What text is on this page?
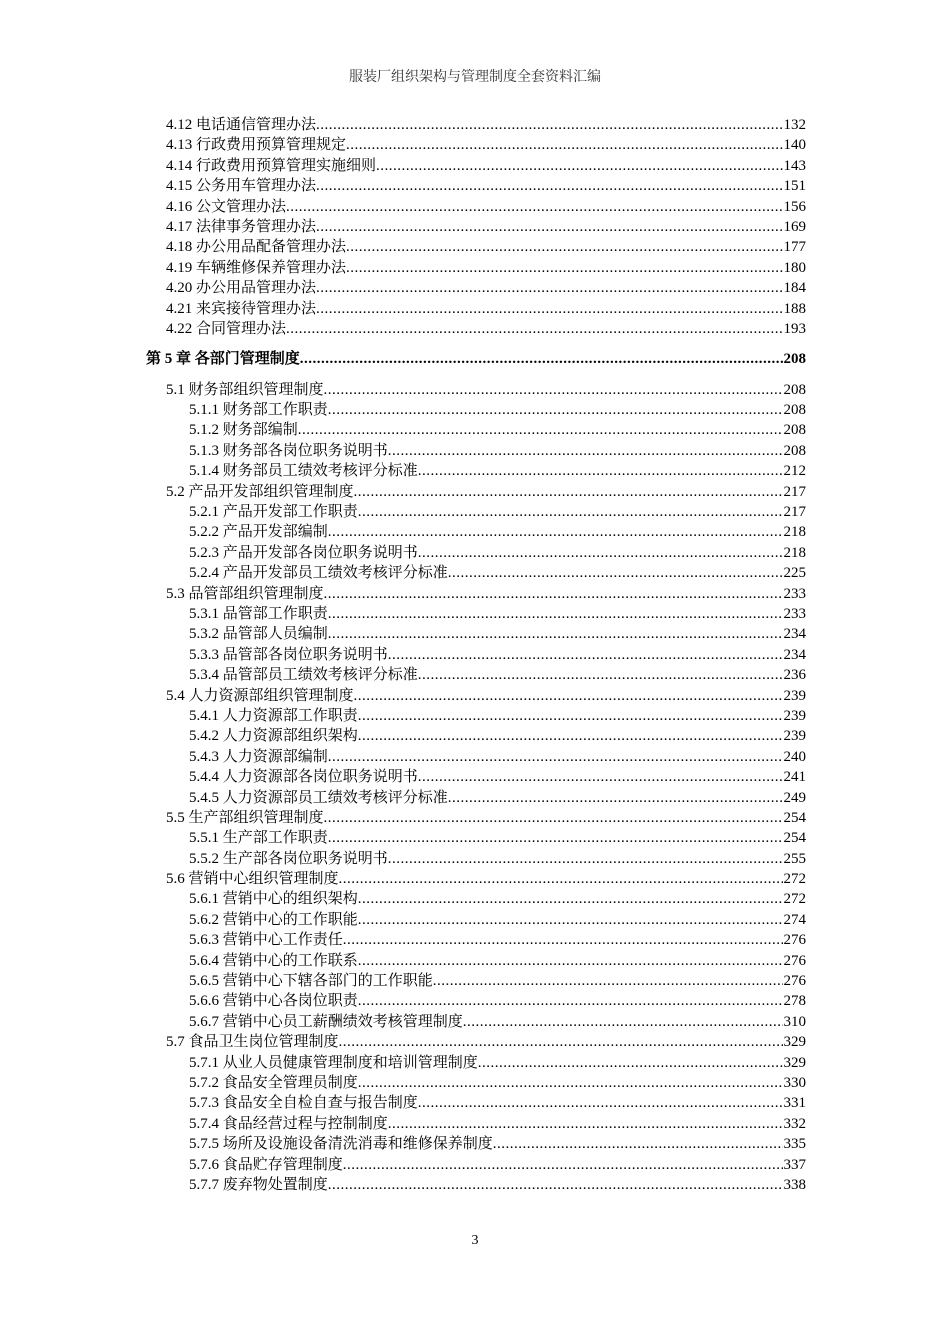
服装厂组织架构与管理制度全套资料汇编
4.12 电话通信管理办法 .....	132
4.13 行政费用预算管理规定 .....	140
4.14 行政费用预算管理实施细则 .....	143
4.15 公务用车管理办法 .....	151
4.16 公文管理办法 .....	156
4.17 法律事务管理办法 .....	169
4.18 办公用品配备管理办法 .....	177
4.19 车辆维修保养管理办法 .....	180
4.20 办公用品管理办法 .....	184
4.21 来宾接待管理办法 .....	188
4.22 合同管理办法 .....	193
第 5 章 各部门管理制度 .....	208
5.1 财务部组织管理制度 .....	208
5.1.1 财务部工作职责 .....	208
5.1.2 财务部编制 .....	208
5.1.3 财务部各岗位职务说明书 .....	208
5.1.4 财务部员工绩效考核评分标准 .....	212
5.2 产品开发部组织管理制度 .....	217
5.2.1 产品开发部工作职责 .....	217
5.2.2 产品开发部编制 .....	218
5.2.3 产品开发部各岗位职务说明书 .....	218
5.2.4 产品开发部员工绩效考核评分标准 .....	225
5.3 品管部组织管理制度 .....	233
5.3.1 品管部工作职责 .....	233
5.3.2 品管部人员编制 .....	234
5.3.3 品管部各岗位职务说明书 .....	234
5.3.4 品管部员工绩效考核评分标准 .....	236
5.4 人力资源部组织管理制度 .....	239
5.4.1 人力资源部工作职责 .....	239
5.4.2 人力资源部组织架构 .....	239
5.4.3 人力资源部编制 .....	240
5.4.4 人力资源部各岗位职务说明书 .....	241
5.4.5 人力资源部员工绩效考核评分标准 .....	249
5.5 生产部组织管理制度 .....	254
5.5.1 生产部工作职责 .....	254
5.5.2 生产部各岗位职务说明书 .....	255
5.6 营销中心组织管理制度 .....	272
5.6.1 营销中心的组织架构 .....	272
5.6.2 营销中心的工作职能 .....	274
5.6.3 营销中心工作责任 .....	276
5.6.4 营销中心的工作联系 .....	276
5.6.5 营销中心下辖各部门的工作职能 .....	276
5.6.6 营销中心各岗位职责 .....	278
5.6.7 营销中心员工薪酬绩效考核管理制度 .....	310
5.7 食品卫生岗位管理制度 .....	329
5.7.1 从业人员健康管理制度和培训管理制度 .....	329
5.7.2 食品安全管理员制度 .....	330
5.7.3 食品安全自检自查与报告制度 .....	331
5.7.4 食品经营过程与控制制度 .....	332
5.7.5 场所及设施设备清洗消毒和维修保养制度 .....	335
5.7.6 食品贮存管理制度 .....	337
5.7.7 废弃物处置制度 .....	338
3
